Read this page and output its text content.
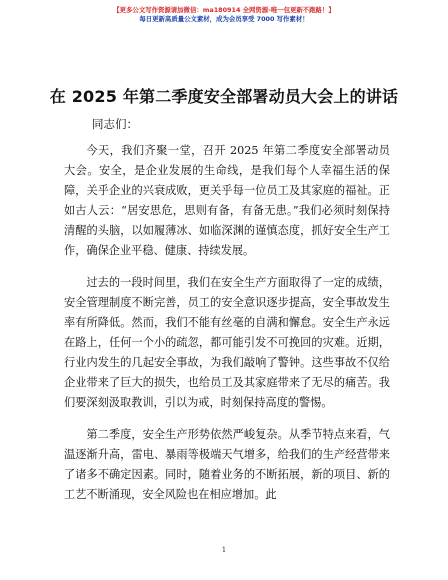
【更多公文写作资源请加微信：ma180914 全网资源-唯一包更新不跑路！】
每日更新高质量公文素材，成为会员享受 7000 写作素材！
在 2025 年第二季度安全部署动员大会上的讲话
同志们：

今天，我们齐聚一堂，召开 2025 年第二季度安全部署动员大会。安全，是企业发展的生命线，是我们每个人幸福生活的保障，关乎企业的兴衰成败，更关乎每一位员工及其家庭的福祉。正如古人云：“居安思危，思则有备，有备无患。”我们必须时刻保持清醒的头脑，以如履薄冰、如临深渊的谨慎态度，抓好安全生产工作，确保企业平稳、健康、持续发展。

过去的一段时间里，我们在安全生产方面取得了一定的成绩，安全管理制度不断完善，员工的安全意识逐步提高，安全事故发生率有所降低。然而，我们不能有丝毫的自满和懈怠。安全生产永远在路上，任何一个小的疏忽，都可能引发不可挽回的灾难。近期，行业内发生的几起安全事故，为我们敲响了警钟。这些事故不仅给企业带来了巨大的损失，也给员工及其家庭带来了无尽的痛苦。我们要深刻汲取教训，引以为戒，时刻保持高度的警惕。

第二季度，安全生产形势依然严峻复杂。从季节特点来看，气温逐渐升高，雷电、暴雨等极端天气增多，给我们的生产经营带来了诸多不确定因素。同时，随着业务的不断拓展，新的项目、新的工艺不断涌现，安全风险也在相应增加。此

1
